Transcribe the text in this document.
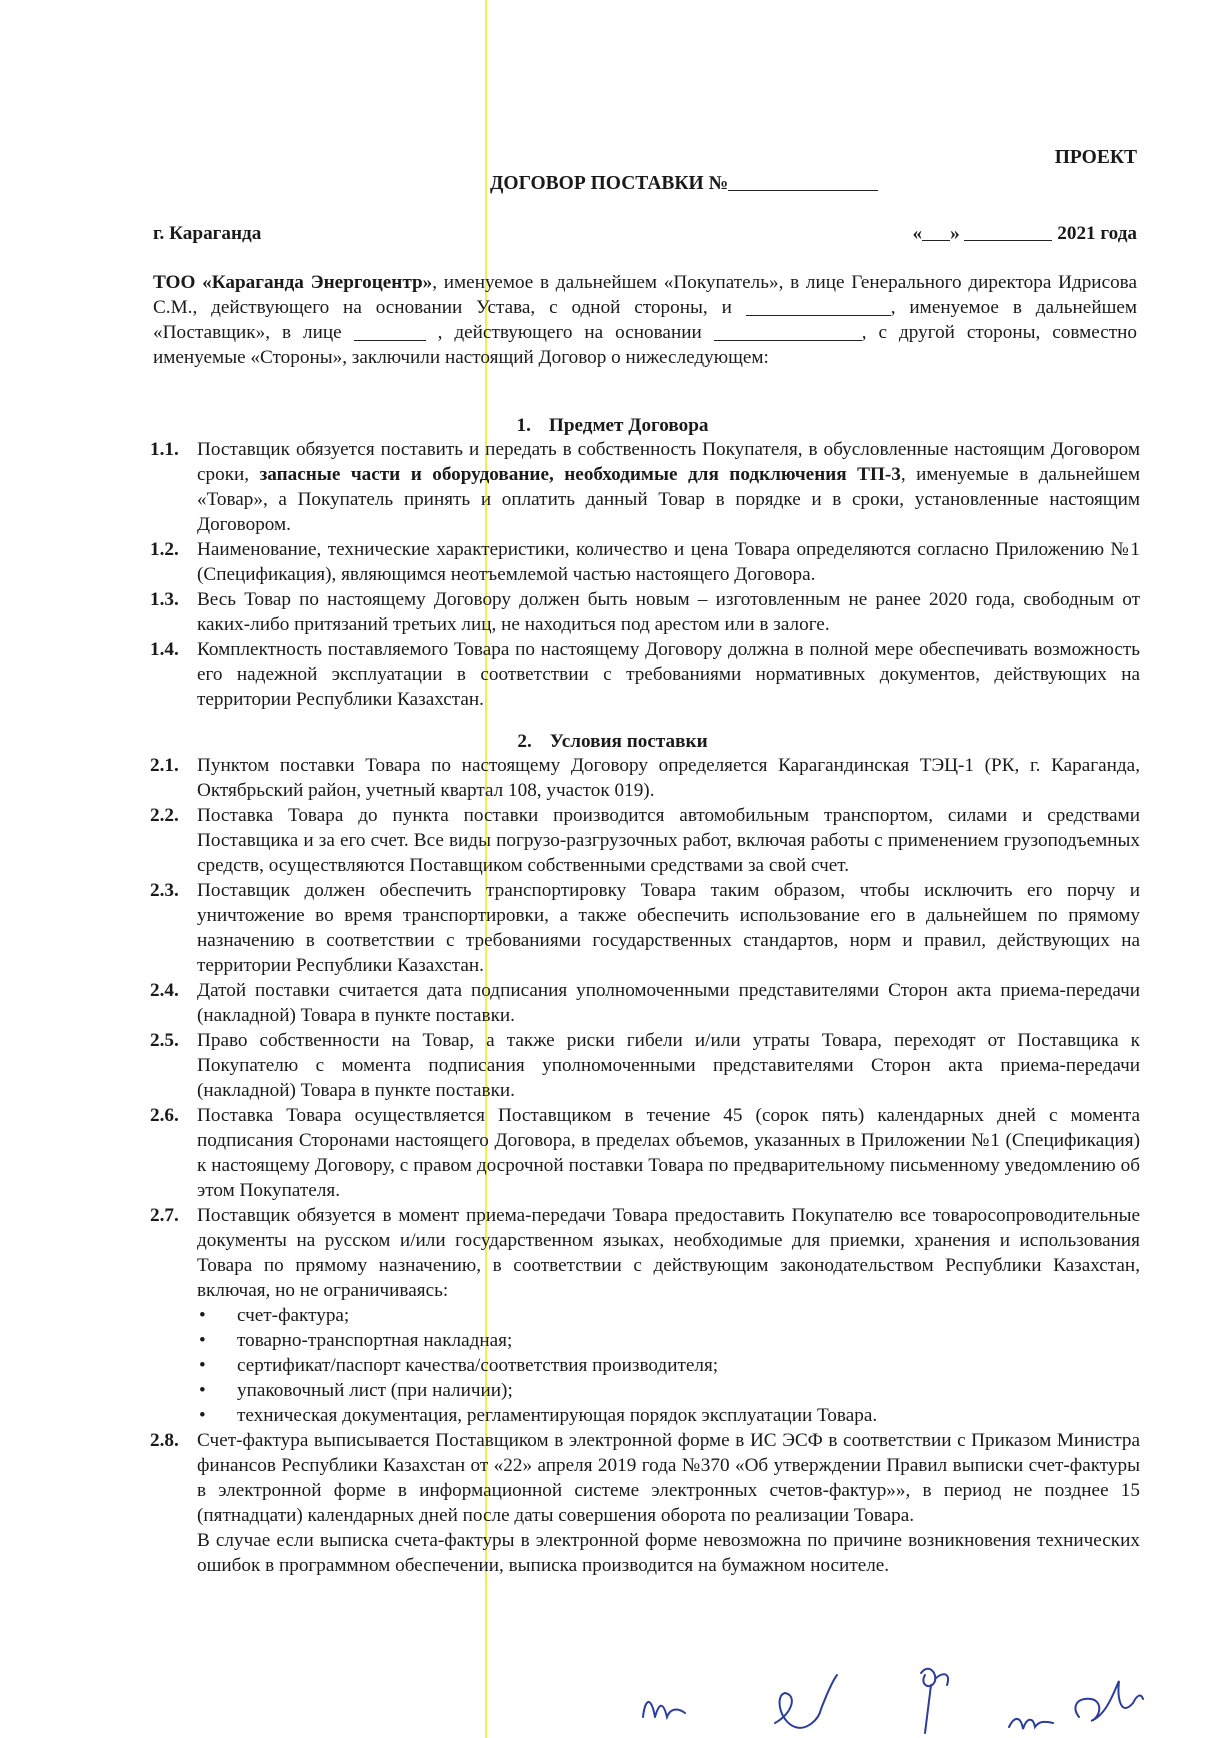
ПРОЕКТ
ДОГОВОР ПОСТАВКИ №
г. Караганда	« »	2021 года
ТОО «Караганда Энергоцентр», именуемое в дальнейшем «Покупатель», в лице Генерального директора Идрисова С.М., действующего на основании Устава, с одной стороны, и	, именуемое в дальнейшем «Поставщик», в лице	, действующего на основании	, с другой стороны, совместно именуемые «Стороны», заключили настоящий Договор о нижеследующем:
1. Предмет Договора
1.1. Поставщик обязуется поставить и передать в собственность Покупателя, в обусловленные настоящим Договором сроки, запасные части и оборудование, необходимые для подключения ТП-3, именуемые в дальнейшем «Товар», а Покупатель принять и оплатить данный Товар в порядке и в сроки, установленные настоящим Договором.
1.2. Наименование, технические характеристики, количество и цена Товара определяются согласно Приложению №1 (Спецификация), являющимся неотъемлемой частью настоящего Договора.
1.3. Весь Товар по настоящему Договору должен быть новым – изготовленным не ранее 2020 года, свободным от каких-либо притязаний третьих лиц, не находиться под арестом или в залоге.
1.4. Комплектность поставляемого Товара по настоящему Договору должна в полной мере обеспечивать возможность его надежной эксплуатации в соответствии с требованиями нормативных документов, действующих на территории Республики Казахстан.
2. Условия поставки
2.1. Пунктом поставки Товара по настоящему Договору определяется Карагандинская ТЭЦ-1 (РК, г. Караганда, Октябрьский район, учетный квартал 108, участок 019).
2.2. Поставка Товара до пункта поставки производится автомобильным транспортом, силами и средствами Поставщика и за его счет. Все виды погрузо-разгрузочных работ, включая работы с применением грузоподъемных средств, осуществляются Поставщиком собственными средствами за свой счет.
2.3. Поставщик должен обеспечить транспортировку Товара таким образом, чтобы исключить его порчу и уничтожение во время транспортировки, а также обеспечить использование его в дальнейшем по прямому назначению в соответствии с требованиями государственных стандартов, норм и правил, действующих на территории Республики Казахстан.
2.4. Датой поставки считается дата подписания уполномоченными представителями Сторон акта приема-передачи (накладной) Товара в пункте поставки.
2.5. Право собственности на Товар, а также риски гибели и/или утраты Товара, переходят от Поставщика к Покупателю с момента подписания уполномоченными представителями Сторон акта приема-передачи (накладной) Товара в пункте поставки.
2.6. Поставка Товара осуществляется Поставщиком в течение 45 (сорок пять) календарных дней с момента подписания Сторонами настоящего Договора, в пределах объемов, указанных в Приложении №1 (Спецификация) к настоящему Договору, с правом досрочной поставки Товара по предварительному письменному уведомлению об этом Покупателя.
2.7. Поставщик обязуется в момент приема-передачи Товара предоставить Покупателю все товаросопроводительные документы на русском и/или государственном языках, необходимые для приемки, хранения и использования Товара по прямому назначению, в соответствии с действующим законодательством Республики Казахстан, включая, но не ограничиваясь:
• счет-фактура;
• товарно-транспортная накладная;
• сертификат/паспорт качества/соответствия производителя;
• упаковочный лист (при наличии);
• техническая документация, регламентирующая порядок эксплуатации Товара.
2.8. Счет-фактура выписывается Поставщиком в электронной форме в ИС ЭСФ в соответствии с Приказом Министра финансов Республики Казахстан от «22» апреля 2019 года №370 «Об утверждении Правил выписки счет-фактуры в электронной форме в информационной системе электронных счетов-фактур»», в период не позднее 15 (пятнадцати) календарных дней после даты совершения оборота по реализации Товара.
В случае если выписка счета-фактуры в электронной форме невозможна по причине возникновения технических ошибок в программном обеспечении, выписка производится на бумажном носителе.
